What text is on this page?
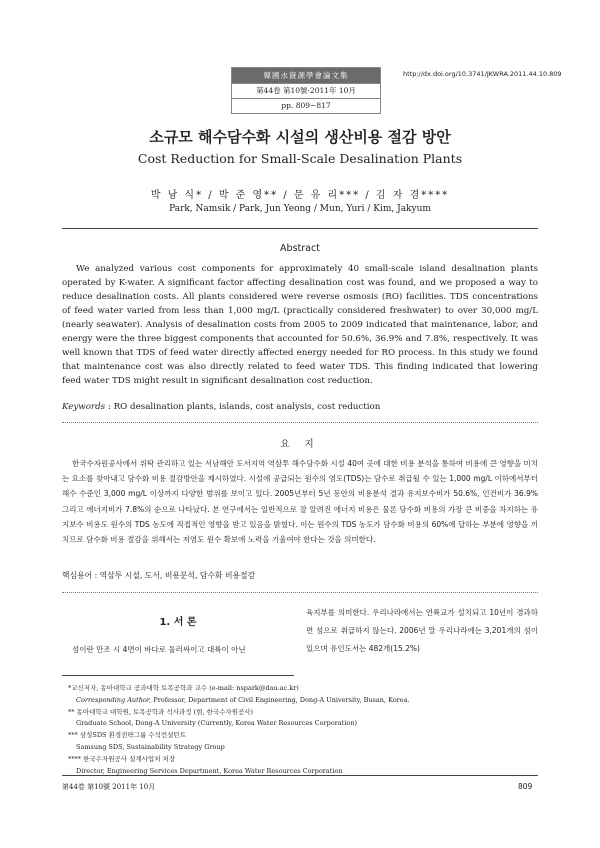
韓國水資源學會論文集
第44卷 第10號·2011年 10月
pp. 809~817
http://dx.doi.org/10.3741/JKWRA.2011.44.10.809
소규모 해수담수화 시설의 생산비용 절감 방안
Cost Reduction for Small-Scale Desalination Plants
박 남 식* / 박 준 영** / 문 유 리*** / 김 자 겸****
Park, Namsik / Park, Jun Yeong / Mun, Yuri / Kim, Jakyum
Abstract
We analyzed various cost components for approximately 40 small-scale island desalination plants operated by K-water. A significant factor affecting desalination cost was found, and we proposed a way to reduce desalination costs. All plants considered were reverse osmosis (RO) facilities. TDS concentrations of feed water varied from less than 1,000 mg/L (practically considered freshwater) to over 30,000 mg/L (nearly seawater). Analysis of desalination costs from 2005 to 2009 indicated that maintenance, labor, and energy were the three biggest components that accounted for 50.6%, 36.9% and 7.8%, respectively. It was well known that TDS of feed water directly affected energy needed for RO process. In this study we found that maintenance cost was also directly related to feed water TDS. This finding indicated that lowering feed water TDS might result in significant desalination cost reduction.
Keywords : RO desalination plants, islands, cost analysis, cost reduction
요 지
한국수자원공사에서 위탁 관리하고 있는 서남해안 도서지역 역삼투 해수담수화 시설 40여 곳에 대한 비용 분석을 통하여 비용에 큰 영향을 미치는 요소를 찾아내고 담수화 비용 절감방안을 제시하였다. 시설에 공급되는 원수의 염도(TDS)는 담수로 취급될 수 있는 1,000 mg/L 이하에서부터 해수 수준인 3,000 mg/L 이상까지 다양한 범위를 보이고 있다. 2005년부터 5년 동안의 비용분석 결과 유지보수비가 50.6%, 인건비가 36.9% 그리고 에너지비가 7.8%의 순으로 나타났다. 본 연구에서는 일반적으로 잘 알려진 에너지 비용은 물론 담수화 비용의 가장 큰 비중을 차지하는 유지보수 비용도 원수의 TDS 농도에 직접적인 영향을 받고 있음을 밝혔다. 이는 원수의 TDS 농도가 담수화 비용의 60%에 달하는 부분에 영향을 끼치므로 담수화 비용 절감을 위해서는 저염도 원수 확보에 노력을 기울여야 한다는 것을 의미한다.
핵심용어 : 역삼투 시설, 도서, 비용분석, 담수화 비용절감
1. 서 론
섬이란 만조 시 4면이 바다로 둘러싸이고 대륙이 아닌
육지부를 의미한다. 우리나라에서는 연륙교가 설치되고 10년이 경과하면 섬으로 취급하지 않는다. 2006년 말 우리나라에는 3,201개의 섬이 있으며 유인도서는 482개(15.2%)
*교신저자, 동아대학교 공과대학 토목공학과 교수 (e-mail: nspark@dau.ac.kr)
Corresponding Author, Professor, Department of Civil Engineering, Dong-A University, Busan, Korea.
** 동아대학교 대학원, 토목공학과 석사과정 (현, 한국수자원공사)
Graduate School, Dong-A University (Currently, Korea Water Resources Corporation)
*** 삼성SDS 환경전략그룹 수석컨설턴트
Samsung SDS, Sustainability Strategy Group
**** 한국수자원공사 설계사업처 처장
Director, Engineering Services Department, Korea Water Resources Corporation
第44卷 第10號 2011年 10月	809
